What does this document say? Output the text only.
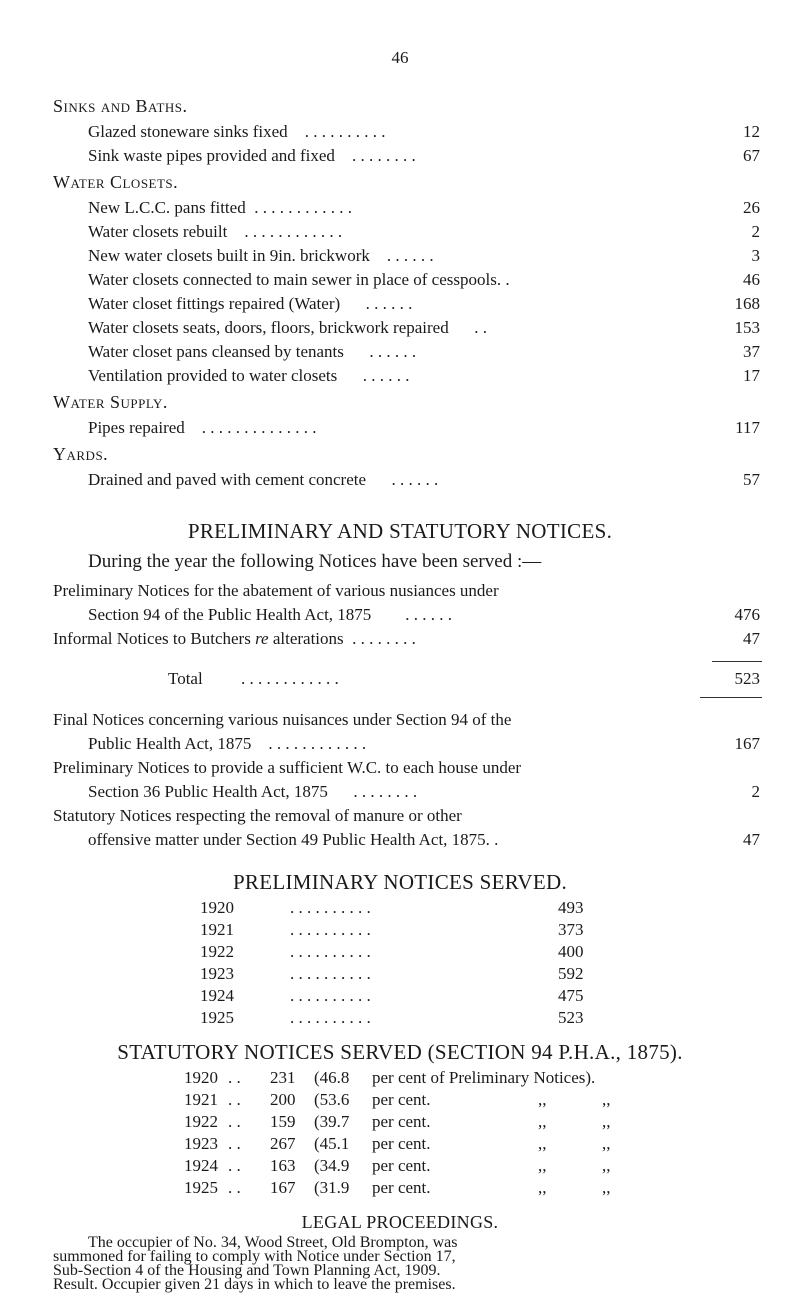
46
Sinks and Baths.
Glazed stoneware sinks fixed . . . . . . . . . .	12
Sink waste pipes provided and fixed . . . . . . . .	67
Water Closets.
New L.C.C. pans fitted . . . . . . . . . . . .	26
Water closets rebuilt . . . . . . . . . . . .	2
New water closets built in 9in. brickwork . . . . . .	3
Water closets connected to main sewer in place of cesspools. .	46
Water closet fittings repaired (Water) . . . . . .	168
Water closets seats, doors, floors, brickwork repaired . .	153
Water closet pans cleansed by tenants . . . . . .	37
Ventilation provided to water closets . . . . . .	17
Water Supply.
Pipes repaired . . . . . . . . . . . . . .	117
Yards.
Drained and paved with cement concrete . . . . . .	57
PRELIMINARY AND STATUTORY NOTICES.
During the year the following Notices have been served :—
Preliminary Notices for the abatement of various nusiances under
Section 94 of the Public Health Act, 1875 . . . . . .	476
Informal Notices to Butchers re alterations . . . . . . . .	47
Total . . . . . . . . . . . .	523
Final Notices concerning various nuisances under Section 94 of the
Public Health Act, 1875 . . . . . . . . . . . .	167
Preliminary Notices to provide a sufficient W.C. to each house under
Section 36 Public Health Act, 1875 . . . . . . . .	2
Statutory Notices respecting the removal of manure or other
offensive matter under Section 49 Public Health Act, 1875. .	47
PRELIMINARY NOTICES SERVED.
1920	. . . . . . . . . .	493
1921	. . . . . . . . . .	373
1922	. . . . . . . . . .	400
1923	. . . . . . . . . .	592
1924	. . . . . . . . . .	475
1925	. . . . . . . . . .	523
STATUTORY NOTICES SERVED (SECTION 94 P.H.A., 1875).
1920 . . 231 (46.8 per cent of Preliminary Notices).
1921 . . 200 (53.6 per cent.	,,	,,
1922 . . 159 (39.7 per cent.	,,	,,
1923 . . 267 (45.1 per cent.	,,	,,
1924 . . 163 (34.9 per cent.	,,	,,
1925 . . 167 (31.9 per cent.	,,	,,
LEGAL PROCEEDINGS.
The occupier of No. 34, Wood Street, Old Brompton, was
summoned for failing to comply with Notice under Section 17,
Sub-Section 4 of the Housing and Town Planning Act, 1909.
Result. Occupier given 21 days in which to leave the premises.
